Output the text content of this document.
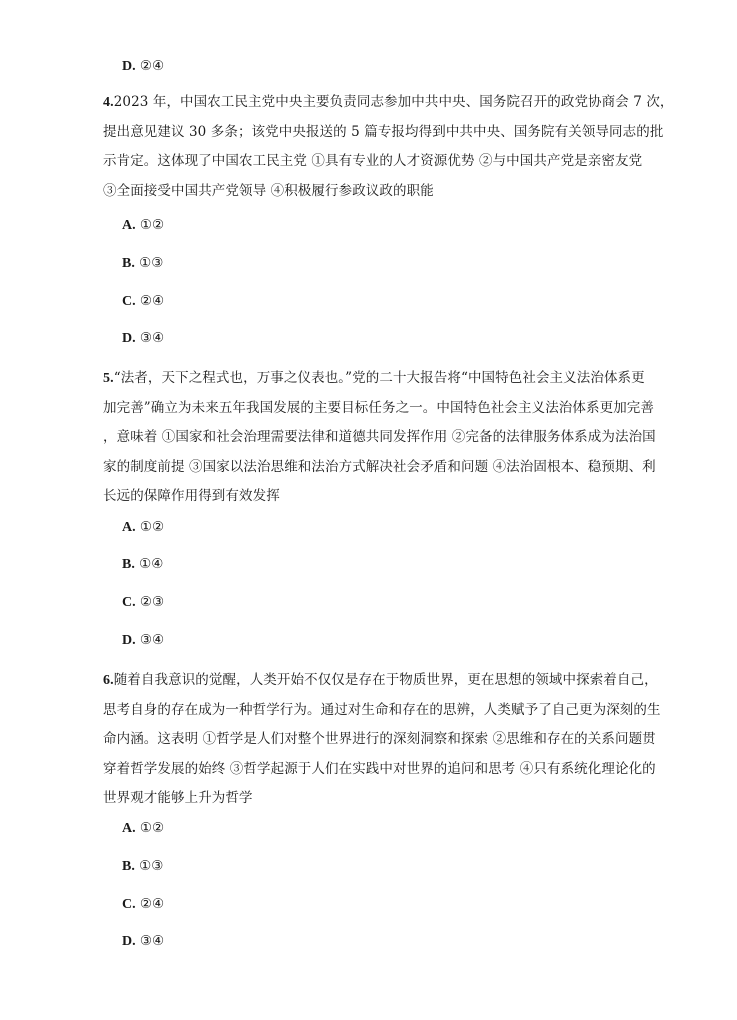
D. ②④
4.2023 年，中国农工民主党中央主要负责同志参加中共中央、国务院召开的政党协商会 7 次，
提出意见建议 30 多条；该党中央报送的 5 篇专报均得到中共中央、国务院有关领导同志的批
示肯定。这体现了中国农工民主党 ①具有专业的人才资源优势 ②与中国共产党是亲密友党
③全面接受中国共产党领导 ④积极履行参政议政的职能
A. ①②
B. ①③
C. ②④
D. ③④
5.“法者，天下之程式也，万事之仪表也。”党的二十大报告将“中国特色社会主义法治体系更
加完善”确立为未来五年我国发展的主要目标任务之一。中国特色社会主义法治体系更加完善
，意味着 ①国家和社会治理需要法律和道德共同发挥作用 ②完备的法律服务体系成为法治国
家的制度前提 ③国家以法治思维和法治方式解决社会矛盾和问题 ④法治固根本、稳预期、利
长远的保障作用得到有效发挥
A. ①②
B. ①④
C. ②③
D. ③④
6.随着自我意识的觉醒，人类开始不仅仅是存在于物质世界，更在思想的领域中探索着自己，
思考自身的存在成为一种哲学行为。通过对生命和存在的思辨，人类赋予了自己更为深刻的生
命内涵。这表明 ①哲学是人们对整个世界进行的深刻洞察和探索 ②思维和存在的关系问题贯
穿着哲学发展的始终 ③哲学起源于人们在实践中对世界的追问和思考 ④只有系统化理论化的
世界观才能够上升为哲学
A. ①②
B. ①③
C. ②④
D. ③④
